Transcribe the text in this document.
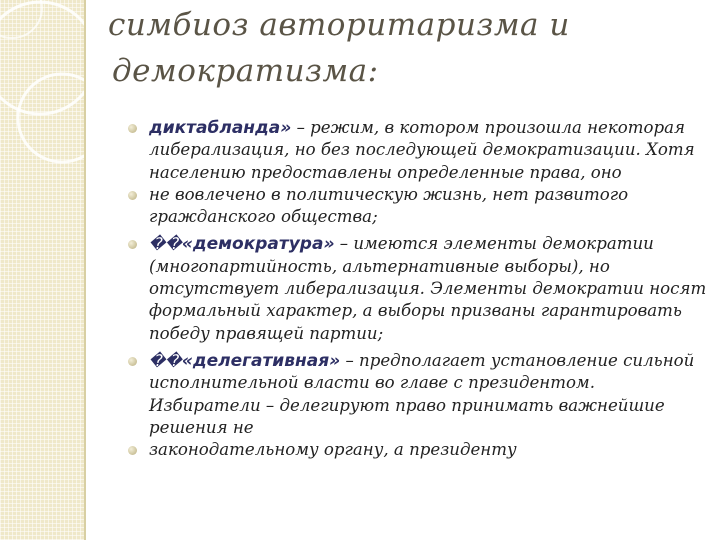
симбиоз авторитаризма и
демократизма:
диктабланда» – режим, в котором произошла некоторая либерализация, но без последующей демократизации. Хотя населению предоставлены определенные права, оно
не вовлечено в политическую жизнь, нет развитого гражданского общества;
��«демократура» – имеются элементы демократии (многопартийность, альтернативные выборы), но отсутствует либерализация. Элементы демократии носят формальный характер, а выборы призваны гарантировать победу правящей партии;
��«делегативная» – предполагает установление сильной исполнительной власти во главе с президентом. Избиратели – делегируют право принимать важнейшие решения не
законодательному органу, а президенту
